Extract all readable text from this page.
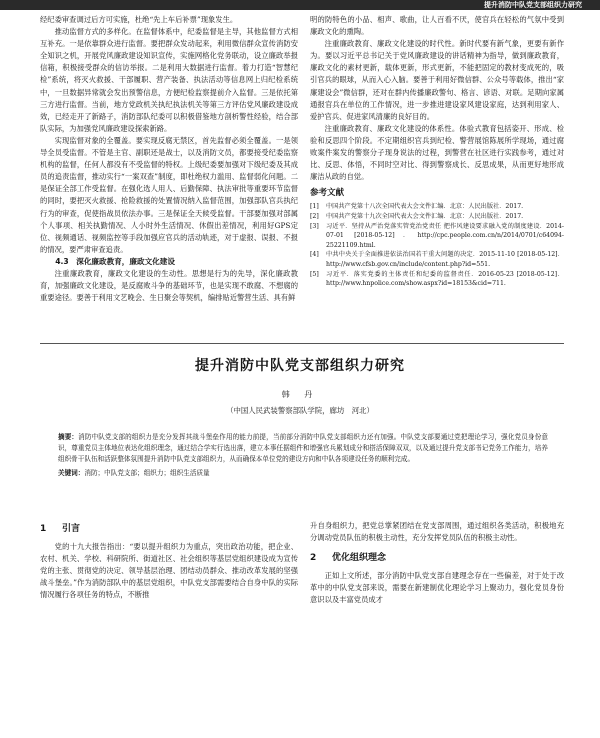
提升消防中队党支部组织力研究

经纪委审查调过后方可实施，杜绝“先上车后补票”现象发生。

推动监督方式的多样化。在监督体系中，纪委监督是主导，其他监督方式相互补充。一是依靠群众进行监督。要把群众发动起来，利用微信群众宣传消防安全知识之机，开展党风廉政建设知识宣传，实施网格化党务联动，设立廉政举报信箱，积极接受群众的信访举报。二是利用大数据进行监督。着力打造“智慧纪检”系统，将灭火救援、干部履职、营产装备、执法活动等信息网上归纪检系统中，一旦数据异常就会发出预警信息，方便纪检监察提前介入监督。三是依托第三方进行监督。当前，地方党政机关执纪执法机关等第三方评估党风廉政建设成效，已经走开了新路子，消防部队纪委可以积极借鉴地方剖析警性经验，结合部队实际，为加强党风廉政建设探索新路。

实现监督对象的全覆盖。要实现反腐无禁区，首先监督必须全覆盖。一是领导全员受监督。不管是主官、副职还是战士，以及消防文员，都要接受纪委监察机构的监督，任何人都没有不受监督的特权。上级纪委要加强对下级纪委及其成员的追责监督，推动实行“一案双查”制度，即杜绝权力滥用、监督弱化问题。二是保证全部工作受监督。在强化选人用人、后勤保障、执法审批等重要环节监督的同时，要把灭火救援、抢险救援的处置情况纳入监督范围，加强部队官兵执纪行为的审查，促使指战员依法办事。三是保证全天候受监督。干部要加强对部属个人事项、相关执勤情况、人小时外生活情况、休假出差情况，利用好GPS定位、视频通话、视频监控等手段加强应官兵的活动轨迹，对于虚报、误报、不报的情况，要严肃审查追责。

4.3　深化廉政教育，廉政文化建设

注重廉政教育，廉政文化建设的生动性。思想是行为的先导，深化廉政教育，加强廉政文化建设，是反腐败斗争的基础环节，也是实现不敢腐、不想腐的重要途径。要善于利用文艺晚会、生日聚会等契机，编排贴近警营生活、具有鲜

明的防特色的小品、相声、歌曲，让人百看不厌，使官兵在轻松的气氛中受到廉政文化的熏陶。

注重廉政教育、廉政文化建设的时代性。新时代要有新气象，更要有新作为。要以习近平总书记关于党风廉政建设的讲话精神为指导，做到廉政教育，廉政文化的素材更新，载体更新，形式更新，不能把固定的教材变成死的，吸引官兵的眼球，从而入心入脑。要善于利用好微信群、公众号等载体，推出“家廉建设会”微信群，还对在群内传播廉政警句、格言、谚语、对联。足期向家属通报官兵在单位的工作情况，进一步推进建设家风建设家庭，达到利用家人、爱护官兵、促进家风清廉的良好目的。

注重廉政教育、廉政文化建设的体系性。体验式教育包括姿开、形成、检验和反思四个阶段。不定期组织官兵到纪检、警营展馆陈展所学现场，通过腐败案件案发的警察分子现身说法的过程，到警营在社区进行实践参考，通过对比、反思、体悟，不同时空对比、得到警察成长、反思成果，从而更好地形成廉洁从政的自觉。

参考文献
[1]	中国共产党第十八次全国代表大会文件汇编．北京：人民出版社．2017.
[2]	中国共产党第十九次全国代表大会文件汇编．北京：人民出版社．2017.
[3]	习近平．坚持从严治党落实管党治党责任 把作风建设要求融入党的制度建设．2014-07-01 [2018-05-12]．http://cpc.people.com.cn/n/2014/0701/c64094-25221109.html.
[4]	中共中央关于全面推进依法治国若干重大问题的决定．2015-11-10 [2018-05-12]．http://www.cfsb.gov.cn/include/content.php?id=551.
[5]	习近平．落实党委的主体责任和纪委的监督责任．2016-05-23 [2018-05-12]．http://www.hnpolice.com/show.aspx?id=18153&cid=711.
提升消防中队党支部组织力研究
韩 丹
（中国人民武装警察部队学院，廊坊　河北）
摘要：消防中队党支部的组织力是充分发挥其战斗堡垒作用的能力前提，当前部分消防中队党支部组织力还有加强。中队党支部要通过党把理论学习，强化党员身份意识，尊重党员主体地位表达化组织理念，通过结合学实行选出落，建立本事任据组件和增强官兵累划成分和搭活保障双双，以及通过提升党支部书记党务工作能力，培养组织骨干队伍和活跃整体氛围提升消防中队党支部组织力，从而确保本单位党的建设方向和中队各项建设任务的顺利完成。
关键词：消防；中队党支部；组织力；组织生活质量
1 引言

党的十九大报告指出：“要以提升组织力为重点，突出政治功能，把企业、农村、机关、学校、科研院所、街道社区、社会组织等基层党组织建设成为宣传党的主张、贯彻党的决定、领导基层治理、团结动员群众、推动改革发展的坚强战斗堡垒。”作为消防部队中的基层党组织，中队党支部需要结合自身中队的实际情况履行各项任务的特点，不断推

升自身组织力，把党总掌紧团结在党支部周围，通过组织各类活动，积极地充分调动党员队伍的积极主动性，充分发挥党员队伍的积极主动性。

2 优化组织理念

正如上文所述，部分消防中队党支部自建理念存在一些偏差，对于处于改革中的中队党支部来说，需要在新建制优化理论学习上聚动力，强化党员身份意识以及丰富党员成才
